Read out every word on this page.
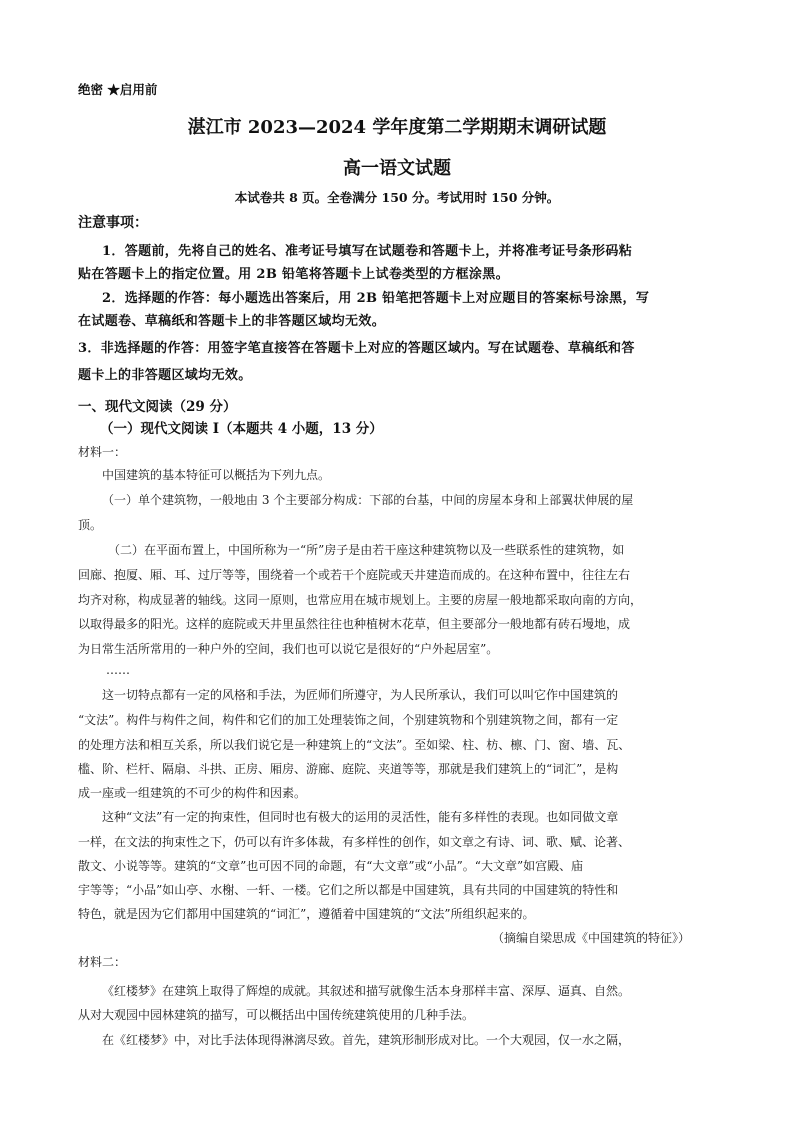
绝密 ★启用前
湛江市 2023—2024 学年度第二学期期末调研试题
高一语文试题
本试卷共 8 页。全卷满分 150 分。考试用时 150 分钟。
注意事项：
1．答题前，先将自己的姓名、准考证号填写在试题卷和答题卡上，并将准考证号条形码粘
贴在答题卡上的指定位置。用 2B 铅笔将答题卡上试卷类型的方框涂黑。
2．选择题的作答：每小题选出答案后，用 2B 铅笔把答题卡上对应题目的答案标号涂黑，写
在试题卷、草稿纸和答题卡上的非答题区域均无效。
3．非选择题的作答：用签字笔直接答在答题卡上对应的答题区域内。写在试题卷、草稿纸和答
题卡上的非答题区域均无效。
一、现代文阅读（29 分）
（一）现代文阅读 I（本题共 4 小题，13 分）
材料一：
中国建筑的基本特征可以概括为下列九点。
（一）单个建筑物，一般地由 3 个主要部分构成：下部的台基，中间的房屋本身和上部翼状伸展的屋
顶。
（二）在平面布置上，中国所称为一“所”房子是由若干座这种建筑物以及一些联系性的建筑物，如
回廊、抱厦、厢、耳、过厅等等，围绕着一个或若干个庭院或天井建造而成的。在这种布置中，往往左右
均齐对称，构成显著的轴线。这同一原则，也常应用在城市规划上。主要的房屋一般地都采取向南的方向，
以取得最多的阳光。这样的庭院或天井里虽然往往也种植树木花草，但主要部分一般地都有砖石墁地，成
为日常生活所常用的一种户外的空间，我们也可以说它是很好的“户外起居室”。
……
这一切特点都有一定的风格和手法，为匠师们所遵守，为人民所承认，我们可以叫它作中国建筑的
“文法”。构件与构件之间，构件和它们的加工处理装饰之间，个别建筑物和个别建筑物之间，都有一定
的处理方法和相互关系，所以我们说它是一种建筑上的“文法”。至如梁、柱、枋、檩、门、窗、墙、瓦、
槛、阶、栏杆、隔扇、斗拱、正房、厢房、游廊、庭院、夹道等等，那就是我们建筑上的“词汇”，是构
成一座或一组建筑的不可少的构件和因素。
这种“文法”有一定的拘束性，但同时也有极大的运用的灵活性，能有多样性的表现。也如同做文章
一样，在文法的拘束性之下，仍可以有许多体裁，有多样性的创作，如文章之有诗、词、歌、赋、论著、
散文、小说等等。建筑的“文章”也可因不同的命题，有“大文章”或“小品”。“大文章”如宫殿、庙
宇等等；“小品”如山亭、水榭、一轩、一楼。它们之所以都是中国建筑，具有共同的中国建筑的特性和
特色，就是因为它们都用中国建筑的“词汇”，遵循着中国建筑的“文法”所组织起来的。
（摘编自梁思成《中国建筑的特征》）
材料二：
《红楼梦》在建筑上取得了辉煌的成就。其叙述和描写就像生活本身那样丰富、深厚、逼真、自然。
从对大观园中园林建筑的描写，可以概括出中国传统建筑使用的几种手法。
在《红楼梦》中，对比手法体现得淋漓尽致。首先，建筑形制形成对比。一个大观园，仅一水之隔，
